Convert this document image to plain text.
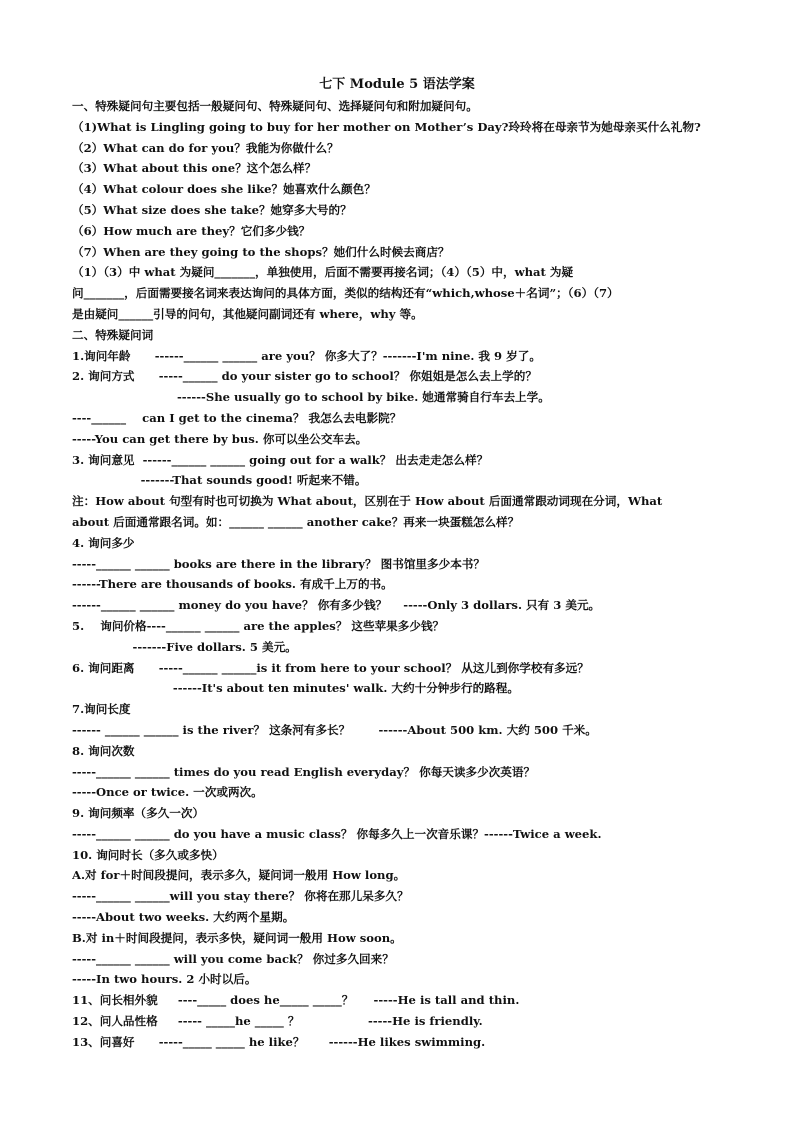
七下 Module 5 语法学案
一、特殊疑问句主要包括一般疑问句、特殊疑问句、选择疑问句和附加疑问句。
（1)What is Lingling going to buy for her mother on Mother’s Day?玲玲将在母亲节为她母亲买什么礼物?
（2）What can do for you？我能为你做什么？
（3）What about this one？这个怎么样？
（4）What colour does she like？她喜欢什么颜色？
（5）What size does she take？她穿多大号的？
（6）How much are they？它们多少钱？
（7）When are they going to the shops？她们什么时候去商店？
（1）（3）中 what 为疑问_______，单独使用，后面不需要再接名词；（4）（5）中，what 为疑
问_______，后面需要接名词来表达询问的具体方面，类似的结构还有“which,whose＋名词”；（6）（7）
是由疑问______引导的问句，其他疑问副词还有 where，why 等。
二、特殊疑问词
1.询问年龄      ------______ ______ are you？ 你多大了？-------I'm nine. 我 9 岁了。
2. 询问方式      -----______ do your sister go to school？ 你姐姐是怎么去上学的？
------She usually go to school by bike. 她通常骑自行车去上学。
----______    can I get to the cinema？ 我怎么去电影院？
-----You can get there by bus. 你可以坐公交车去。
3. 询问意见  ------______ ______ going out for a walk？ 出去走走怎么样？
-------That sounds good! 听起来不错。
注：How about 句型有时也可切换为 What about，区别在于 How about 后面通常跟动词现在分词，What
about 后面通常跟名词。如：______ ______ another cake？再来一块蛋糕怎么样？
4. 询问多少
-----______ ______ books are there in the library？ 图书馆里多少本书？
------There are thousands of books. 有成千上万的书。
------______ ______ money do you have？ 你有多少钱？    -----Only 3 dollars. 只有 3 美元。
5.    询问价格----______ ______ are the apples？ 这些苹果多少钱？
-------Five dollars. 5 美元。
6. 询问距离      -----______ ______is it from here to your school？ 从这儿到你学校有多远？
------It's about ten minutes' walk. 大约十分钟步行的路程。
7.询问长度
------ ______ ______ is the river？ 这条河有多长？       ------About 500 km. 大约 500 千米。
8. 询问次数
-----______ ______ times do you read English everyday？ 你每天读多少次英语？
-----Once or twice. 一次或两次。
9. 询问频率（多久一次）
-----______ ______ do you have a music class？ 你每多久上一次音乐课？------Twice a week.
10. 询问时长（多久或多快）
A.对 for＋时间段提问，表示多久，疑问词一般用 How long。
-----______ ______will you stay there？ 你将在那儿呆多久？
-----About two weeks. 大约两个星期。
B.对 in＋时间段提问，表示多快，疑问词一般用 How soon。
-----______ ______ will you come back？ 你过多久回来？
-----In two hours. 2 小时以后。
11、问长相外貌     ----_____ does he_____ _____？     -----He is tall and thin.
12、问人品性格     ----- _____he _____ ？                 -----He is friendly.
13、问喜好      -----_____ _____ he like？      ------He likes swimming.
